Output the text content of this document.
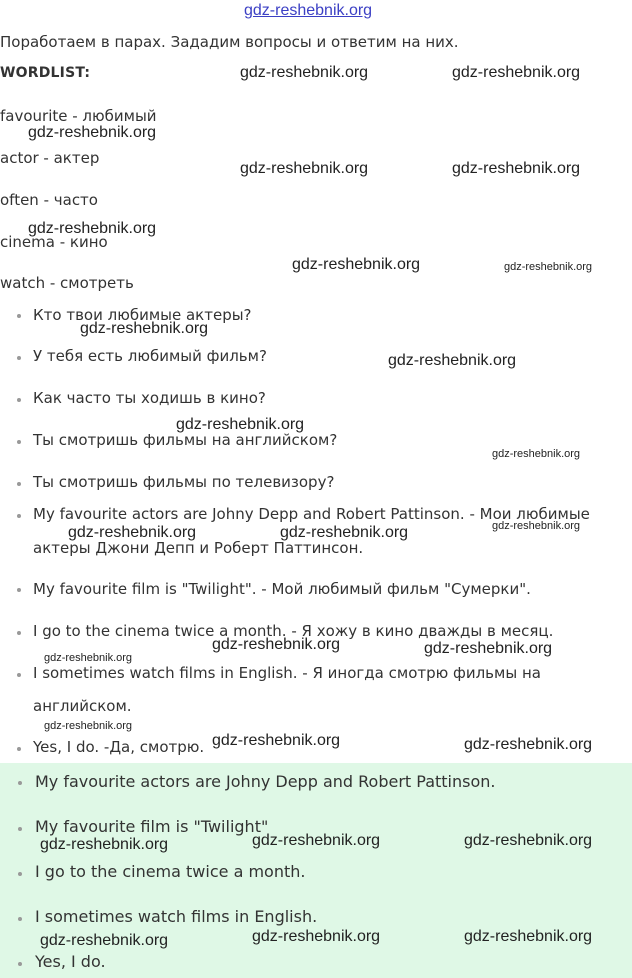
gdz-reshebnik.org
Поработаем в парах. Зададим вопросы и ответим на них.
WORDLIST:
favourite - любимый
actor - актер
often - часто
cinema - кино
watch - смотреть
Кто твои любимые актеры?
У тебя есть любимый фильм?
Как часто ты ходишь в кино?
Ты смотришь фильмы на английском?
Ты смотришь фильмы по телевизору?
My favourite actors are Johny Depp and Robert Pattinson. - Мои любимые
актеры Джони Депп и Роберт Паттинсон.
My favourite film is "Twilight". - Мой любимый фильм "Сумерки".
I go to the cinema twice a month. - Я хожу в кино дважды в месяц.
I sometimes watch films in English. - Я иногда смотрю фильмы на
английском.
Yes, I do. -Да, смотрю.
My favourite actors are Johny Depp and Robert Pattinson.
My favourite film is "Twilight"
I go to the cinema twice a month.
I sometimes watch films in English.
Yes, I do.
gdz-reshebnik.org	gdz-reshebnik.org
gdz-reshebnik.org
gdz-reshebnik.org	gdz-reshebnik.org
gdz-reshebnik.org
gdz-reshebnik.org	gdz-reshebnik.org
gdz-reshebnik.org
gdz-reshebnik.org
gdz-reshebnik.org
gdz-reshebnik.org
gdz-reshebnik.org	gdz-reshebnik.org	gdz-reshebnik.org
gdz-reshebnik.org	gdz-reshebnik.org
gdz-reshebnik.org
gdz-reshebnik.org
gdz-reshebnik.org	gdz-reshebnik.org
gdz-reshebnik.org	gdz-reshebnik.org	gdz-reshebnik.org
gdz-reshebnik.org	gdz-reshebnik.org	gdz-reshebnik.org
